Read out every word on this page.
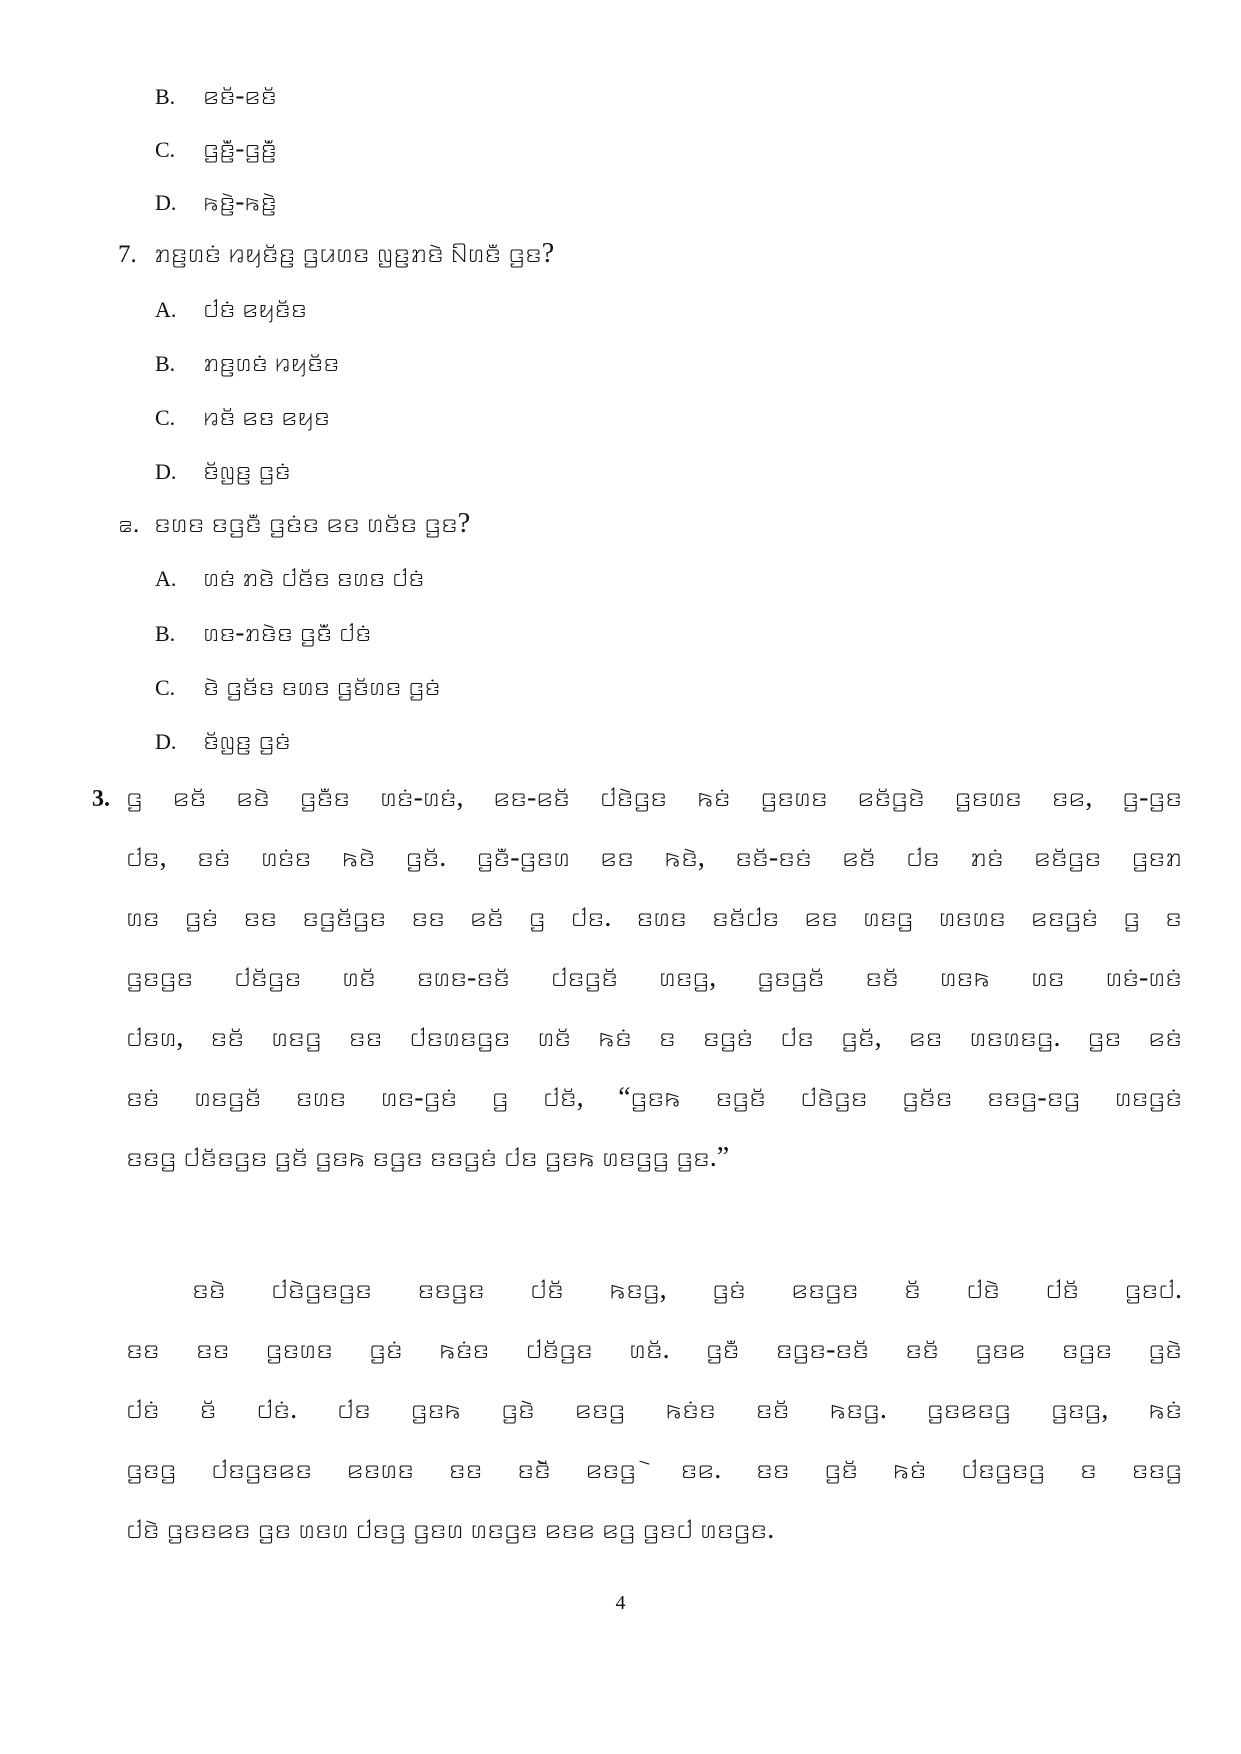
B. ꤕꤢꤩ-ꤕꤢꤩ
C. ꤞꤢꤪ꤬-ꤞꤢꤪ꤬
D. ꤒꤢꤧ꤬-ꤒꤢꤧ꤬
7. ꤊꤢ꤬ꤛꤢꤦ ꤙꤟꤢꤩꤢ꤬ ꤞꤣꤛꤢ ꤜꤢ꤬ꤊꤢꤧ ꤡꤛꤢꤪ ꤞꤢ?
A. ꤓꤢꤦ ꤕꤟꤢꤩꤢ
B. ꤊꤢ꤬ꤛꤢꤦ ꤙꤟꤢꤩꤢ
C. ꤙꤢꤩ ꤕꤢ ꤕꤟꤢ
D. ꤢꤩꤜꤢ꤬ ꤞꤢꤦ
꤁. ꤢꤛꤢ ꤢꤞꤢꤪ ꤞꤢꤦꤢ ꤕꤢ ꤛꤢꤩꤢ ꤞꤢ?
A. ꤛꤢꤦ ꤊꤢꤧ ꤓꤢꤩꤢ ꤢꤛꤢ ꤓꤢꤦ
B. ꤛꤢ-ꤊꤢꤧꤢ ꤞꤢꤪ ꤓꤢꤦ
C. ꤢꤧ ꤞꤢꤩꤢ ꤢꤛꤢ ꤞꤢꤩꤛꤢ ꤞꤢꤦ
D. ꤢꤩꤜꤢ꤬ ꤞꤢꤦ
3. ꤞ ꤕꤢꤩ ꤕꤢꤧ ꤞꤢꤪꤢ ꤛꤢꤦ-ꤛꤢꤦ, ꤕꤢ-ꤕꤢꤩ ꤓꤢꤧꤞꤢ ꤒꤢꤦ ꤞꤢꤛꤢ ꤕꤢꤩꤞꤢꤧ ꤞꤢꤛꤢ ꤢꤕ, ꤞ-ꤞꤢ
ꤓꤢ, ꤢꤢꤦ ꤛꤢꤦꤢ ꤒꤢꤧ ꤞꤢꤩ. ꤞꤢꤪ-ꤞꤢꤛ ꤕꤢ ꤒꤢꤧ, ꤢꤢꤩ-ꤢꤢꤦ ꤕꤢꤩ ꤓꤢ ꤊꤢꤦ ꤕꤢꤩꤞꤢ ꤞꤢꤊ
ꤛꤢ ꤞꤢꤦ ꤢꤢ ꤢꤞꤢꤩꤞꤢ ꤢꤢ ꤕꤢꤩ ꤞ ꤓꤢ. ꤢꤛꤢ ꤢꤢꤩꤓꤢ ꤕꤢ ꤛꤢꤞ ꤛꤢꤛꤢ ꤕꤢꤞꤢꤦ ꤞ ꤢ
ꤞꤢꤞꤢ ꤓꤢꤩꤞꤢ ꤛꤢꤩ ꤢꤛꤢ-ꤢꤢꤩ ꤓꤢꤞꤢꤩ ꤛꤢꤞ, ꤞꤢꤞꤢꤩ ꤢꤢꤩ ꤛꤢꤒ ꤛꤢ ꤛꤢꤦ-ꤛꤢꤦ
ꤓꤢꤛ, ꤢꤢꤩ ꤛꤢꤞ ꤢꤢ ꤓꤢꤛꤢꤞꤢ ꤛꤢꤩ ꤒꤢꤦ ꤢ ꤢꤞꤢꤦ ꤓꤢ ꤞꤢꤩ, ꤕꤢ ꤛꤢꤛꤢꤞ. ꤞꤢ ꤕꤢꤦ
ꤢꤢꤦ ꤛꤢꤞꤢꤩ ꤢꤛꤢ ꤛꤢ-ꤞꤢꤦ ꤞ ꤓꤢꤩ, “ꤞꤢꤒ ꤢꤞꤢꤩ ꤓꤢꤧꤞꤢ ꤞꤢꤩꤢ ꤢꤢꤞ-ꤢꤞ ꤛꤢꤞꤢꤦ
ꤢꤢꤞ ꤓꤢꤩꤢꤞꤢ ꤞꤢꤩ ꤞꤢꤒ ꤢꤞꤢ ꤢꤢꤞꤢꤦ ꤓꤢ ꤞꤢꤒ ꤛꤢꤞꤞ ꤞꤢ.”
ꤢꤢꤧ ꤓꤢꤧꤞꤢꤞꤢ ꤢꤢꤞꤢ ꤓꤢꤩ ꤒꤢꤞ, ꤞꤢꤦ ꤕꤢꤞꤢ ꤢꤩ ꤓꤢꤧ ꤓꤢꤩ ꤞꤢꤓ.
ꤢꤢ ꤢꤢ ꤞꤢꤛꤢ ꤞꤢꤦ ꤒꤢꤦꤢ ꤓꤢꤩꤞꤢ ꤛꤢꤩ. ꤞꤢꤪ ꤢꤞꤢ-ꤢꤢꤩ ꤢꤢꤩ ꤞꤢꤕ ꤢꤞꤢ ꤞꤢꤧ
ꤓꤢꤦ ꤢꤩ ꤓꤢꤦ. ꤓꤢ ꤞꤢꤒ ꤞꤢꤧ ꤕꤢꤞ ꤒꤢꤦꤢ ꤢꤢꤩ ꤒꤢꤞ. ꤞꤢꤕꤢꤞ ꤞꤢꤞ, ꤒꤢꤦ
ꤞꤢꤞ ꤓꤢꤞꤢꤕꤢ ꤕꤢꤛꤢ ꤢꤢ ꤢꤢꤩꤧ ꤕꤢꤞ ꤧꤢꤕ. ꤢꤢ ꤞꤢꤩ ꤒꤢꤦ ꤓꤢꤞꤢꤞ ꤢ ꤢꤢꤞ
ꤓꤢꤧ ꤞꤢꤢꤕꤢ ꤞꤢ ꤛꤢꤛ ꤓꤢꤞ ꤞꤢꤛ ꤛꤢꤞꤢ ꤕꤢꤕ ꤕꤞ ꤞꤢꤓ ꤛꤢꤞꤢ.
4
